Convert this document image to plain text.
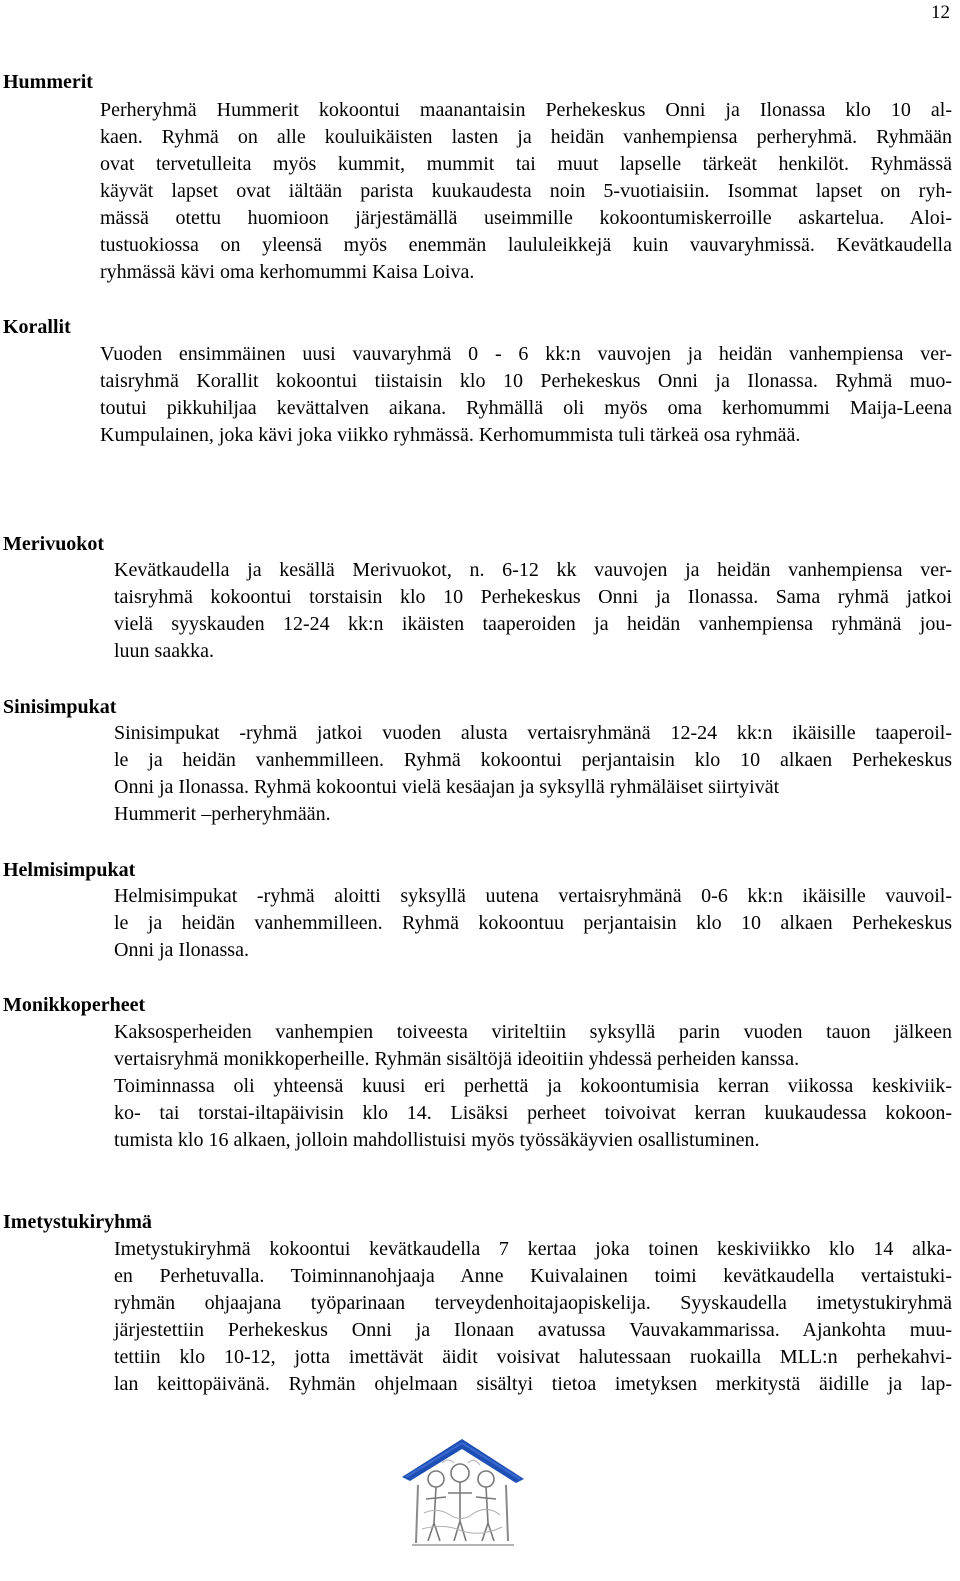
12
Hummerit
Perheryhmä Hummerit kokoontui maanantaisin Perhekeskus Onni ja Ilonassa klo 10 al-
kaen. Ryhmä on alle kouluikäisten lasten ja heidän vanhempiensa perheryhmä. Ryhmään
ovat tervetulleita myös kummit, mummit tai muut lapselle tärkeät henkilöt. Ryhmässä
käyvät lapset ovat iältään parista kuukaudesta noin 5-vuotiaisiin. Isommat lapset on ryh-
mässä otettu huomioon järjestämällä useimmille kokoontumiskerroille askartelua. Aloi-
tustuokiossa on yleensä myös enemmän laululeikkejä kuin vauvaryhmissä. Kevätkaudella
ryhmässä kävi oma kerhomummi Kaisa Loiva.
Korallit
Vuoden ensimmäinen uusi vauvaryhmä 0 - 6 kk:n vauvojen ja heidän vanhempiensa ver-
taisryhmä Korallit kokoontui tiistaisin klo 10 Perhekeskus Onni ja Ilonassa. Ryhmä muo-
toutui pikkuhiljaa kevättalven aikana. Ryhmällä oli myös oma kerhomummi Maija-Leena
Kumpulainen, joka kävi joka viikko ryhmässä. Kerhomummista tuli tärkeä osa ryhmää.
Merivuokot
Kevätkaudella ja kesällä Merivuokot, n. 6-12 kk vauvojen ja heidän vanhempiensa ver-
taisryhmä kokoontui torstaisin klo 10 Perhekeskus Onni ja Ilonassa. Sama ryhmä jatkoi
vielä syyskauden 12-24 kk:n ikäisten taaperoiden ja heidän vanhempiensa ryhmänä jou-
luun saakka.
Sinisimpukat
Sinisimpukat -ryhmä jatkoi vuoden alusta vertaisryhmänä 12-24 kk:n ikäisille taaperoil-
le ja heidän vanhemmilleen. Ryhmä kokoontui perjantaisin klo 10 alkaen Perhekeskus
Onni ja Ilonassa. Ryhmä kokoontui vielä kesäajan ja syksyllä ryhmäläiset siirtyivät
Hummerit –perheryhmään.
Helmisimpukat
Helmisimpukat -ryhmä aloitti syksyllä uutena vertaisryhmänä 0-6 kk:n ikäisille vauvoil-
le ja heidän vanhemmilleen. Ryhmä kokoontuu perjantaisin klo 10 alkaen Perhekeskus
Onni ja Ilonassa.
Monikkoperheet
Kaksosperheiden vanhempien toiveesta viriteltiin syksyllä parin vuoden tauon jälkeen
vertaisryhmä monikkoperheille. Ryhmän sisältöjä ideoitiin yhdessä perheiden kanssa.
Toiminnassa oli yhteensä kuusi eri perhettä ja kokoontumisia kerran viikossa keskiviik-
ko- tai torstai-iltapäivisin klo 14. Lisäksi perheet toivoivat kerran kuukaudessa kokoon-
tumista klo 16 alkaen, jolloin mahdollistuisi myös työssäkäyvien osallistuminen.
Imetystukiryhmä
Imetystukiryhmä kokoontui kevätkaudella 7 kertaa joka toinen keskiviikko klo 14 alka-
en Perhetuvalla. Toiminnanohjaaja Anne Kuivalainen toimi kevätkaudella vertaistuki-
ryhmän ohjaajana työparinaan terveydenhoitajaopiskelija. Syyskaudella imetystukiryhmä
järjestettiin Perhekeskus Onni ja Ilonaan avatussa Vauvakammarissa. Ajankohta muu-
tettiin klo 10-12, jotta imettävät äidit voisivat halutessaan ruokailla MLL:n perhekahvi-
lan keittopäivänä. Ryhmän ohjelmaan sisältyi tietoa imetyksen merkitystä äidille ja lap-
